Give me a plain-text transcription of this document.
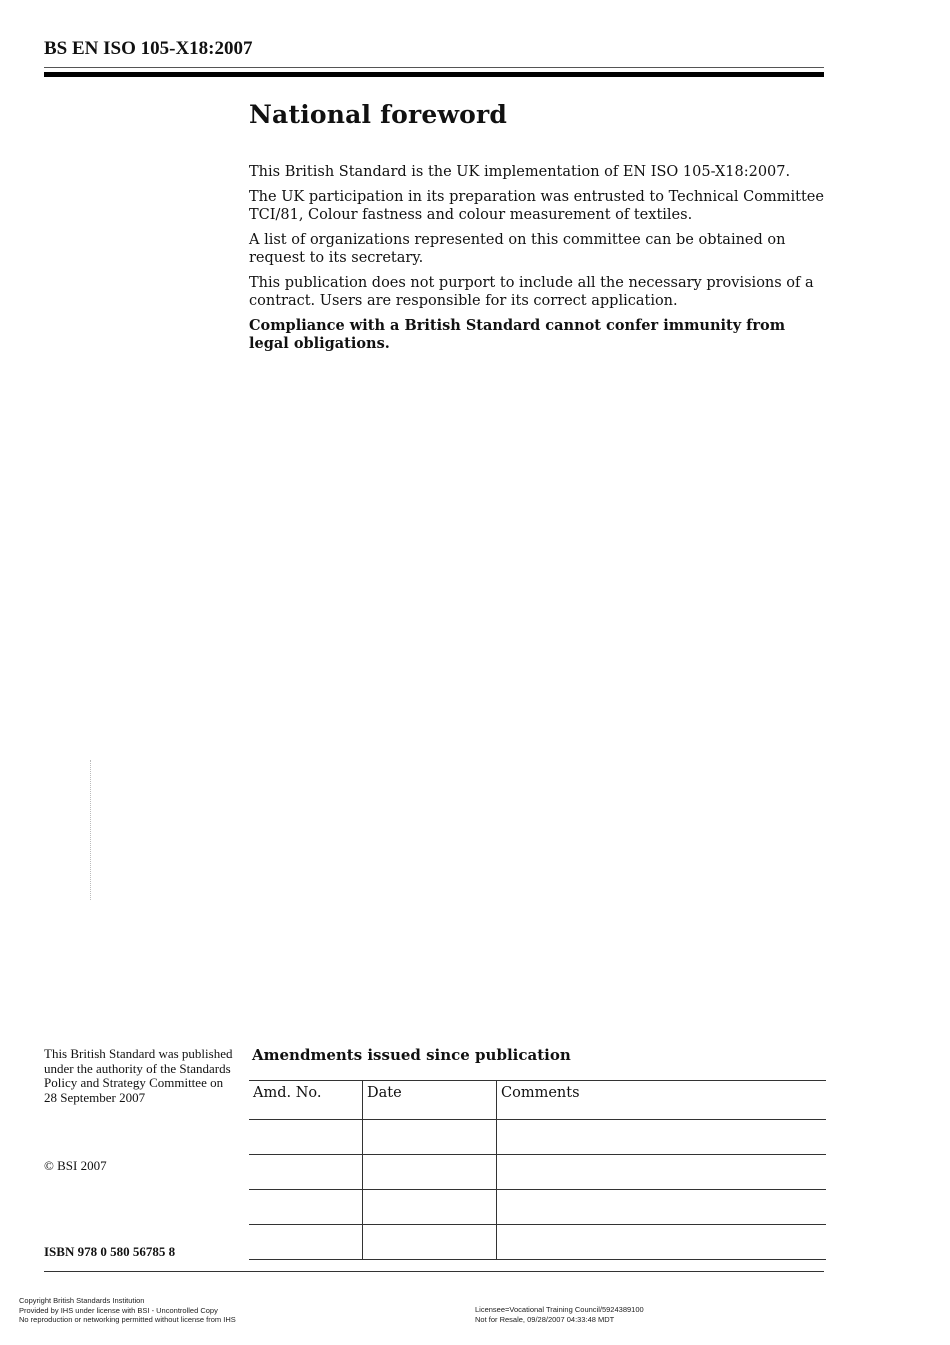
BS EN ISO 105-X18:2007
National foreword

This British Standard is the UK implementation of EN ISO 105-X18:2007.

The UK participation in its preparation was entrusted to Technical Committee TCI/81, Colour fastness and colour measurement of textiles.

A list of organizations represented on this committee can be obtained on request to its secretary.

This publication does not purport to include all the necessary provisions of a contract. Users are responsible for its correct application.

Compliance with a British Standard cannot confer immunity from legal obligations.

This British Standard was published under the authority of the Standards Policy and Strategy Committee on 28 September 2007
© BSI 2007
ISBN 978 0 580 56785 8
Amendments issued since publication
Amd. No.	Date	Comments

Copyright British Standards Institution
Provided by IHS under license with BSI - Uncontrolled Copy
No reproduction or networking permitted without license from IHS
Licensee=Vocational Training Council/5924389100
Not for Resale, 09/28/2007 04:33:48 MDT
